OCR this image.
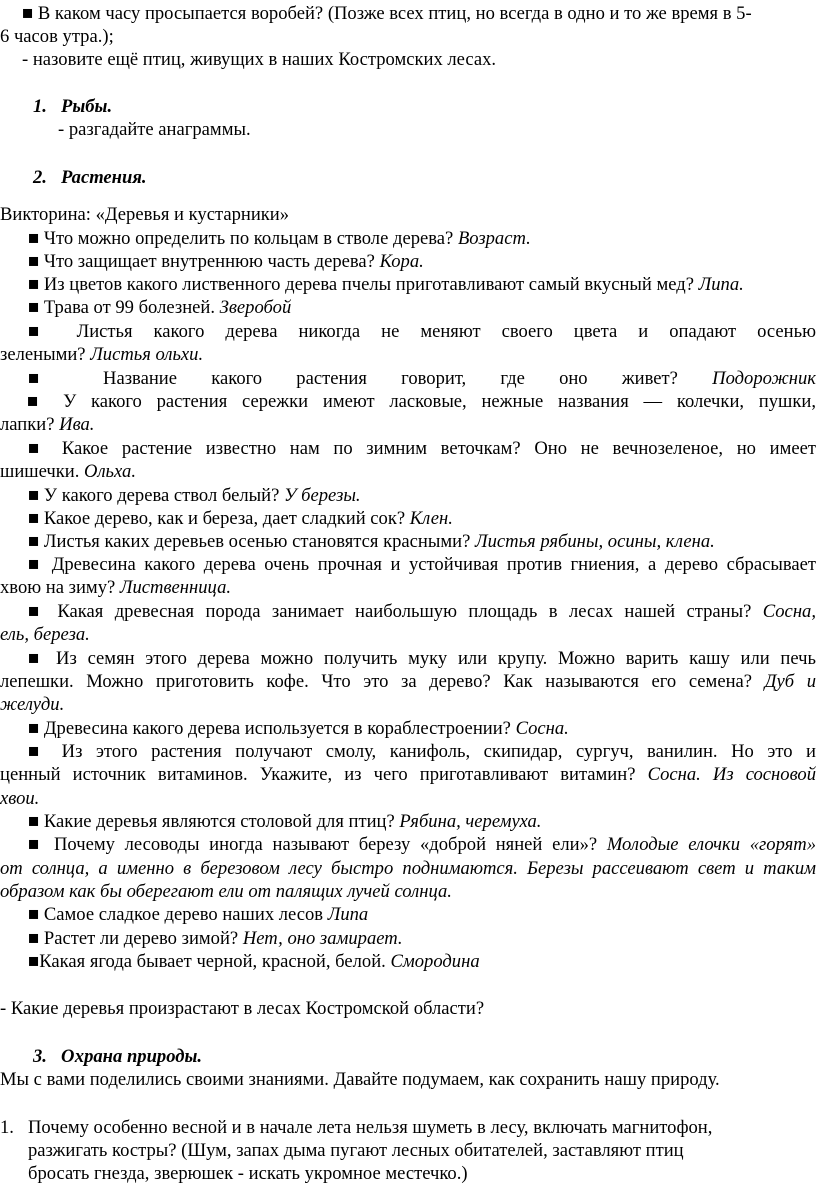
■ В каком часу просыпается воробей? (Позже всех птиц, но всегда в одно и то же время в 5-
6 часов утра.);
- назовите ещё птиц, живущих в наших Костромских лесах.
1. Рыбы.
- разгадайте анаграммы.
2. Растения.
Викторина: «Деревья и кустарники»
■ Что можно определить по кольцам в стволе дерева? Возраст.
■ Что защищает внутреннюю часть дерева? Кора.
■ Из цветов какого лиственного дерева пчелы приготавливают самый вкусный мед? Липа.
■ Трава от 99 болезней. Зверобой
■ Листья какого дерева никогда не меняют своего цвета и опадают осенью
зелеными? Листья ольхи.
■ Название какого растения говорит, где оно живет? Подорожник
■ У какого растения сережки имеют ласковые, нежные названия — колечки, пушки,
лапки? Ива.
■ Какое растение известно нам по зимним веточкам? Оно не вечнозеленое, но имеет
шишечки. Ольха.
■ У какого дерева ствол белый? У березы.
■ Какое дерево, как и береза, дает сладкий сок? Клен.
■ Листья каких деревьев осенью становятся красными? Листья рябины, осины, клена.
■ Древесина какого дерева очень прочная и устойчивая против гниения, а дерево сбрасывает
хвою на зиму? Лиственница.
■ Какая древесная порода занимает наибольшую площадь в лесах нашей страны? Сосна,
ель, береза.
■ Из семян этого дерева можно получить муку или крупу. Можно варить кашу или печь
лепешки. Можно приготовить кофе. Что это за дерево? Как называются его семена? Дуб и
желуди.
■ Древесина какого дерева используется в кораблестроении? Сосна.
■ Из этого растения получают смолу, канифоль, скипидар, сургуч, ванилин. Но это и
ценный источник витаминов. Укажите, из чего приготавливают витамин? Сосна. Из сосновой
хвои.
■ Какие деревья являются столовой для птиц? Рябина, черемуха.
■ Почему лесоводы иногда называют березу «доброй няней ели»? Молодые елочки «горят»
от солнца, а именно в березовом лесу быстро поднимаются. Березы рассеивают свет и таким
образом как бы оберегают ели от палящих лучей солнца.
■ Самое сладкое дерево наших лесов Липа
■ Растет ли дерево зимой? Нет, оно замирает.
■Какая ягода бывает черной, красной, белой. Смородина
- Какие деревья произрастают в лесах Костромской области?
3. Охрана природы.
Мы с вами поделились своими знаниями. Давайте подумаем, как сохранить нашу природу.
1. Почему особенно весной и в начале лета нельзя шуметь в лесу, включать магнитофон,
разжигать костры? (Шум, запах дыма пугают лесных обитателей, заставляют птиц
бросать гнезда, зверюшек - искать укромное местечко.)
